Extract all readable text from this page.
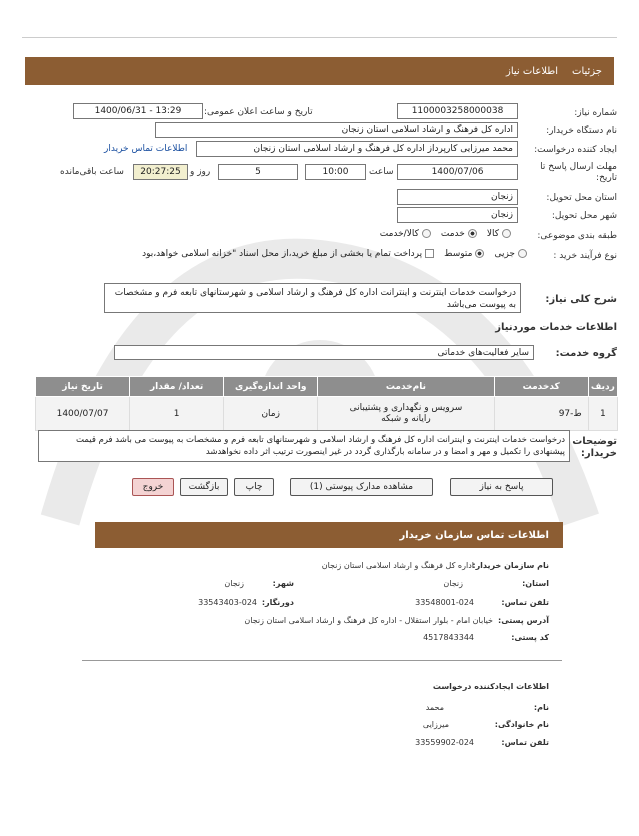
جزئیات
اطلاعات نیاز
شماره نیاز:
1100003258000038
تاریخ و ساعت اعلان عمومی:
1400/06/31 - 13:29
نام دستگاه خریدار:
اداره کل فرهنگ و ارشاد اسلامی استان زنجان
ایجاد کننده درخواست:
محمد میرزایی کارپرداز اداره کل فرهنگ و ارشاد اسلامی استان زنجان
اطلاعات تماس خریدار
مهلت ارسال پاسخ تا تاریخ:
1400/07/06
ساعت
10:00
5
روز و
20:27:25
ساعت باقی‌مانده
استان محل تحویل:
زنجان
شهر محل تحویل:
زنجان
طبقه بندی موضوعی:
کالا
خدمت
کالا/خدمت
نوع فرآیند خرید :
جزیی
متوسط
پرداخت تمام یا بخشی از مبلغ خرید،از محل اسناد "خزانه اسلامی خواهد،بود
شرح کلی نیاز:
درخواست خدمات اینترنت و اینترانت اداره کل فرهنگ و ارشاد اسلامی و شهرستانهای تابعه فرم و مشخصات به پیوست می‌باشد
اطلاعات خدمات موردنیاز
گروه خدمت:
سایر فعالیت‌های خدماتی
ردیف	کدخدمت	نام‌خدمت	واحد اندازه‌گیری	تعداد/ مقدار	تاریخ نیاز
1	ط-97	سرویس و نگهداری و پشتیبانی رایانه و شبکه	زمان	1	1400/07/07
توضیحات خریدار:
درخواست خدمات اینترنت و اینترانت اداره کل فرهنگ و ارشاد اسلامی و شهرستانهای تابعه فرم و مشخصات به پیوست می باشد فرم قیمت پیشنهادی را تکمیل و مهر و امضا و در سامانه بارگذاری گردد در غیر اینصورت ترتیب اثر داده نخواهدشد
پاسخ به نیاز
مشاهده مدارک پیوستی (1)
چاپ
بازگشت
خروج
اطلاعات تماس سازمان خریدار
نام سازمان خریدار:
اداره کل فرهنگ و ارشاد اسلامی استان زنجان
استان:
زنجان
شهر:
زنجان
تلفن تماس:
33548001-024
دورنگار:
33543403-024
آدرس پستی:
خیابان امام - بلوار استقلال - اداره کل فرهنگ و ارشاد اسلامی استان زنجان
کد پستی:
4517843344
اطلاعات ایجادکننده درخواست
نام:
محمد
نام خانوادگی:
میرزایی
تلفن تماس:
33559902-024
